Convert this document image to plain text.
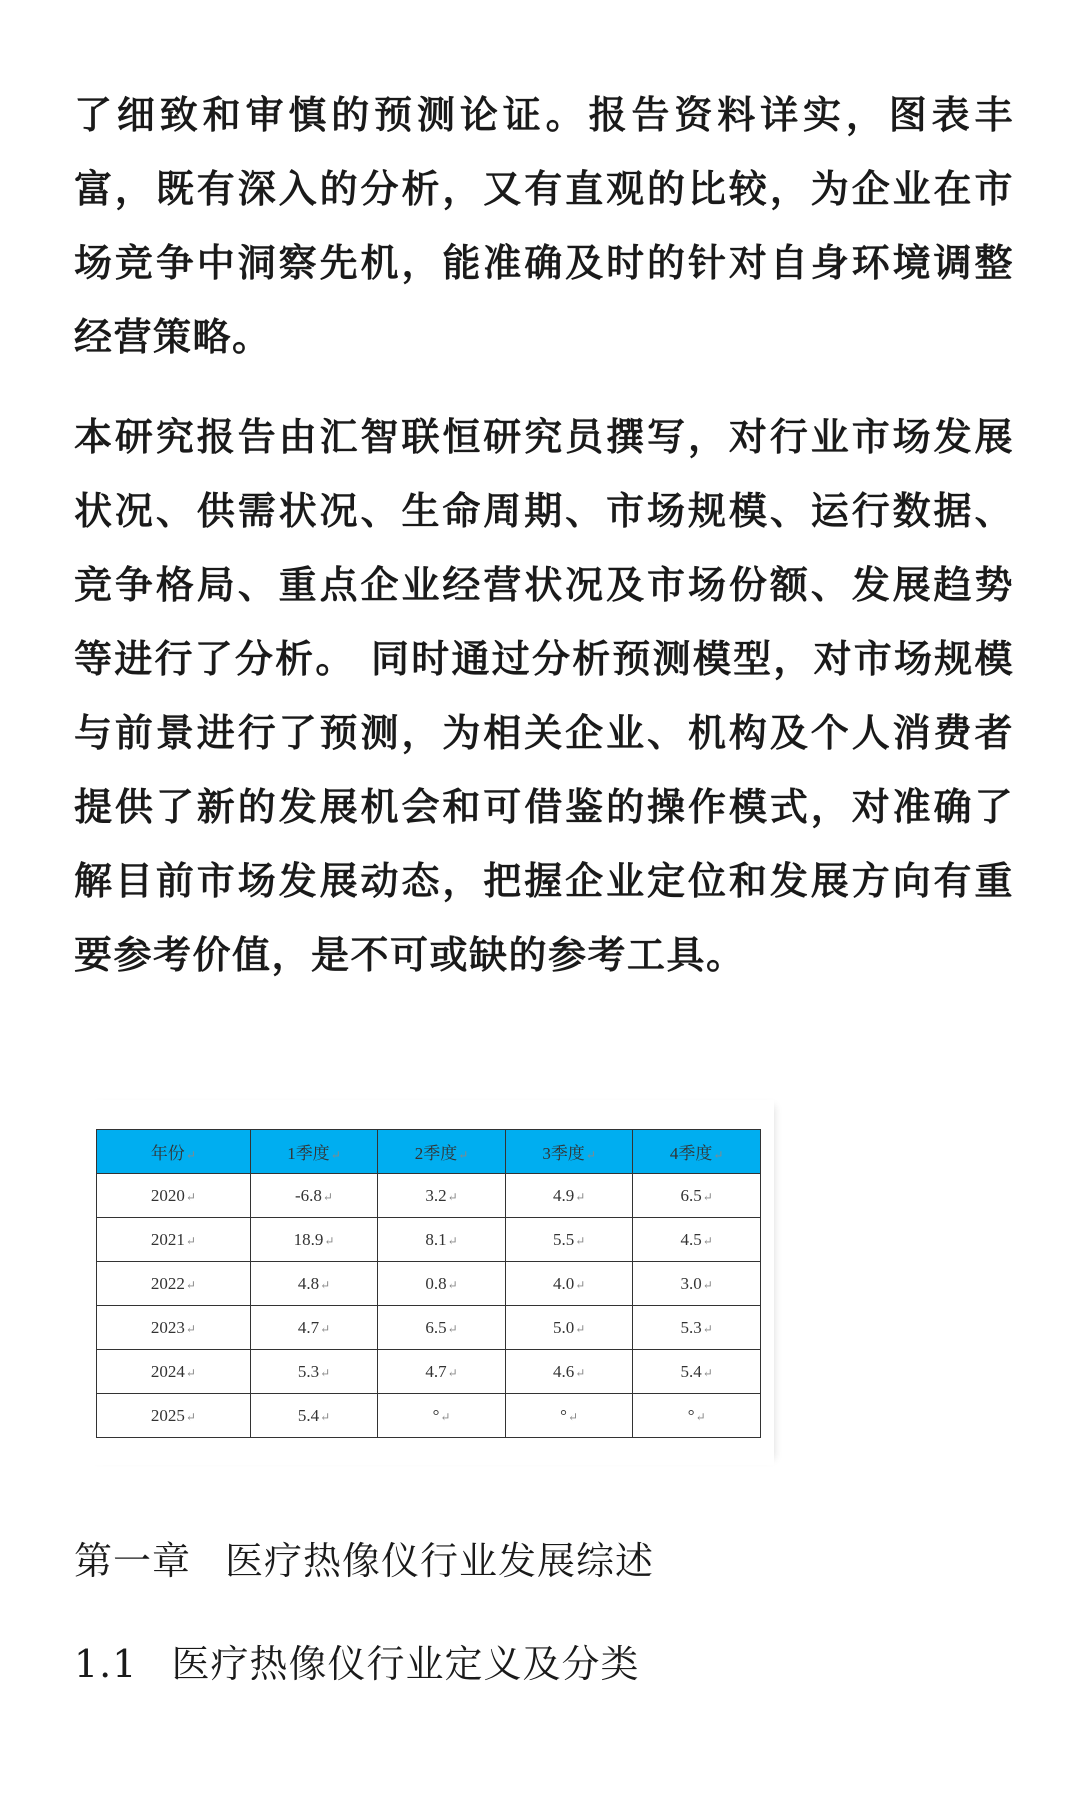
了细致和审慎的预测论证。报告资料详实，图表丰富，既有深入的分析，又有直观的比较，为企业在市场竞争中洞察先机，能准确及时的针对自身环境调整经营策略。

本研究报告由汇智联恒研究员撰写，对行业市场发展状况、供需状况、生命周期、市场规模、运行数据、竞争格局、重点企业经营状况及市场份额、发展趋势等进行了分析。 同时通过分析预测模型，对市场规模与前景进行了预测，为相关企业、机构及个人消费者提供了新的发展机会和可借鉴的操作模式，对准确了解目前市场发展动态，把握企业定位和发展方向有重要参考价值，是不可或缺的参考工具。

年份↵	1季度↵	2季度↵	3季度↵	4季度↵
2020↵	-6.8↵	3.2↵	4.9↵	6.5↵
2021↵	18.9↵	8.1↵	5.5↵	4.5↵
2022↵	4.8↵	0.8↵	4.0↵	3.0↵
2023↵	4.7↵	6.5↵	5.0↵	5.3↵
2024↵	5.3↵	4.7↵	4.6↵	5.4↵
2025↵	5.4↵	°↵	°↵	°↵
第一章 医疗热像仪行业发展综述
1.1 医疗热像仪行业定义及分类
